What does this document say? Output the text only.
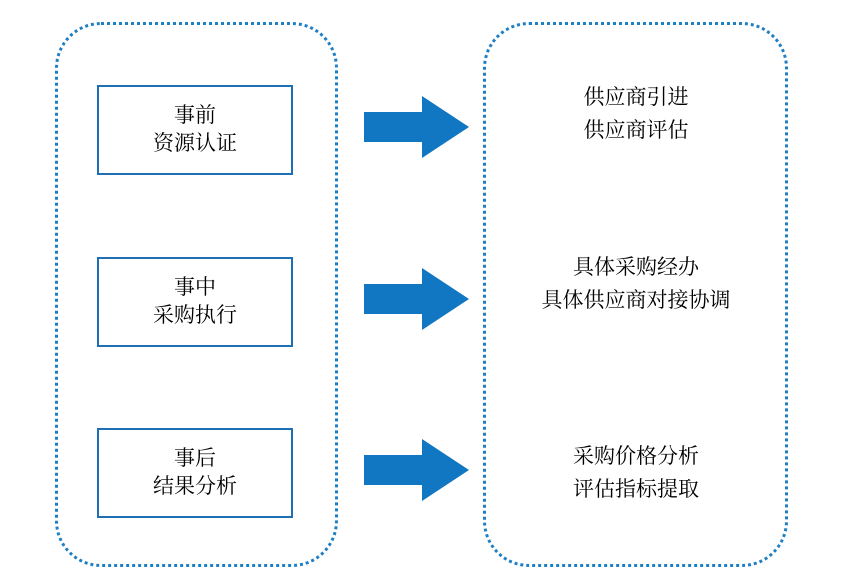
事前
资源认证
事中
采购执行
事后
结果分析
供应商引进
供应商评估
具体采购经办
具体供应商对接协调
采购价格分析
评估指标提取
